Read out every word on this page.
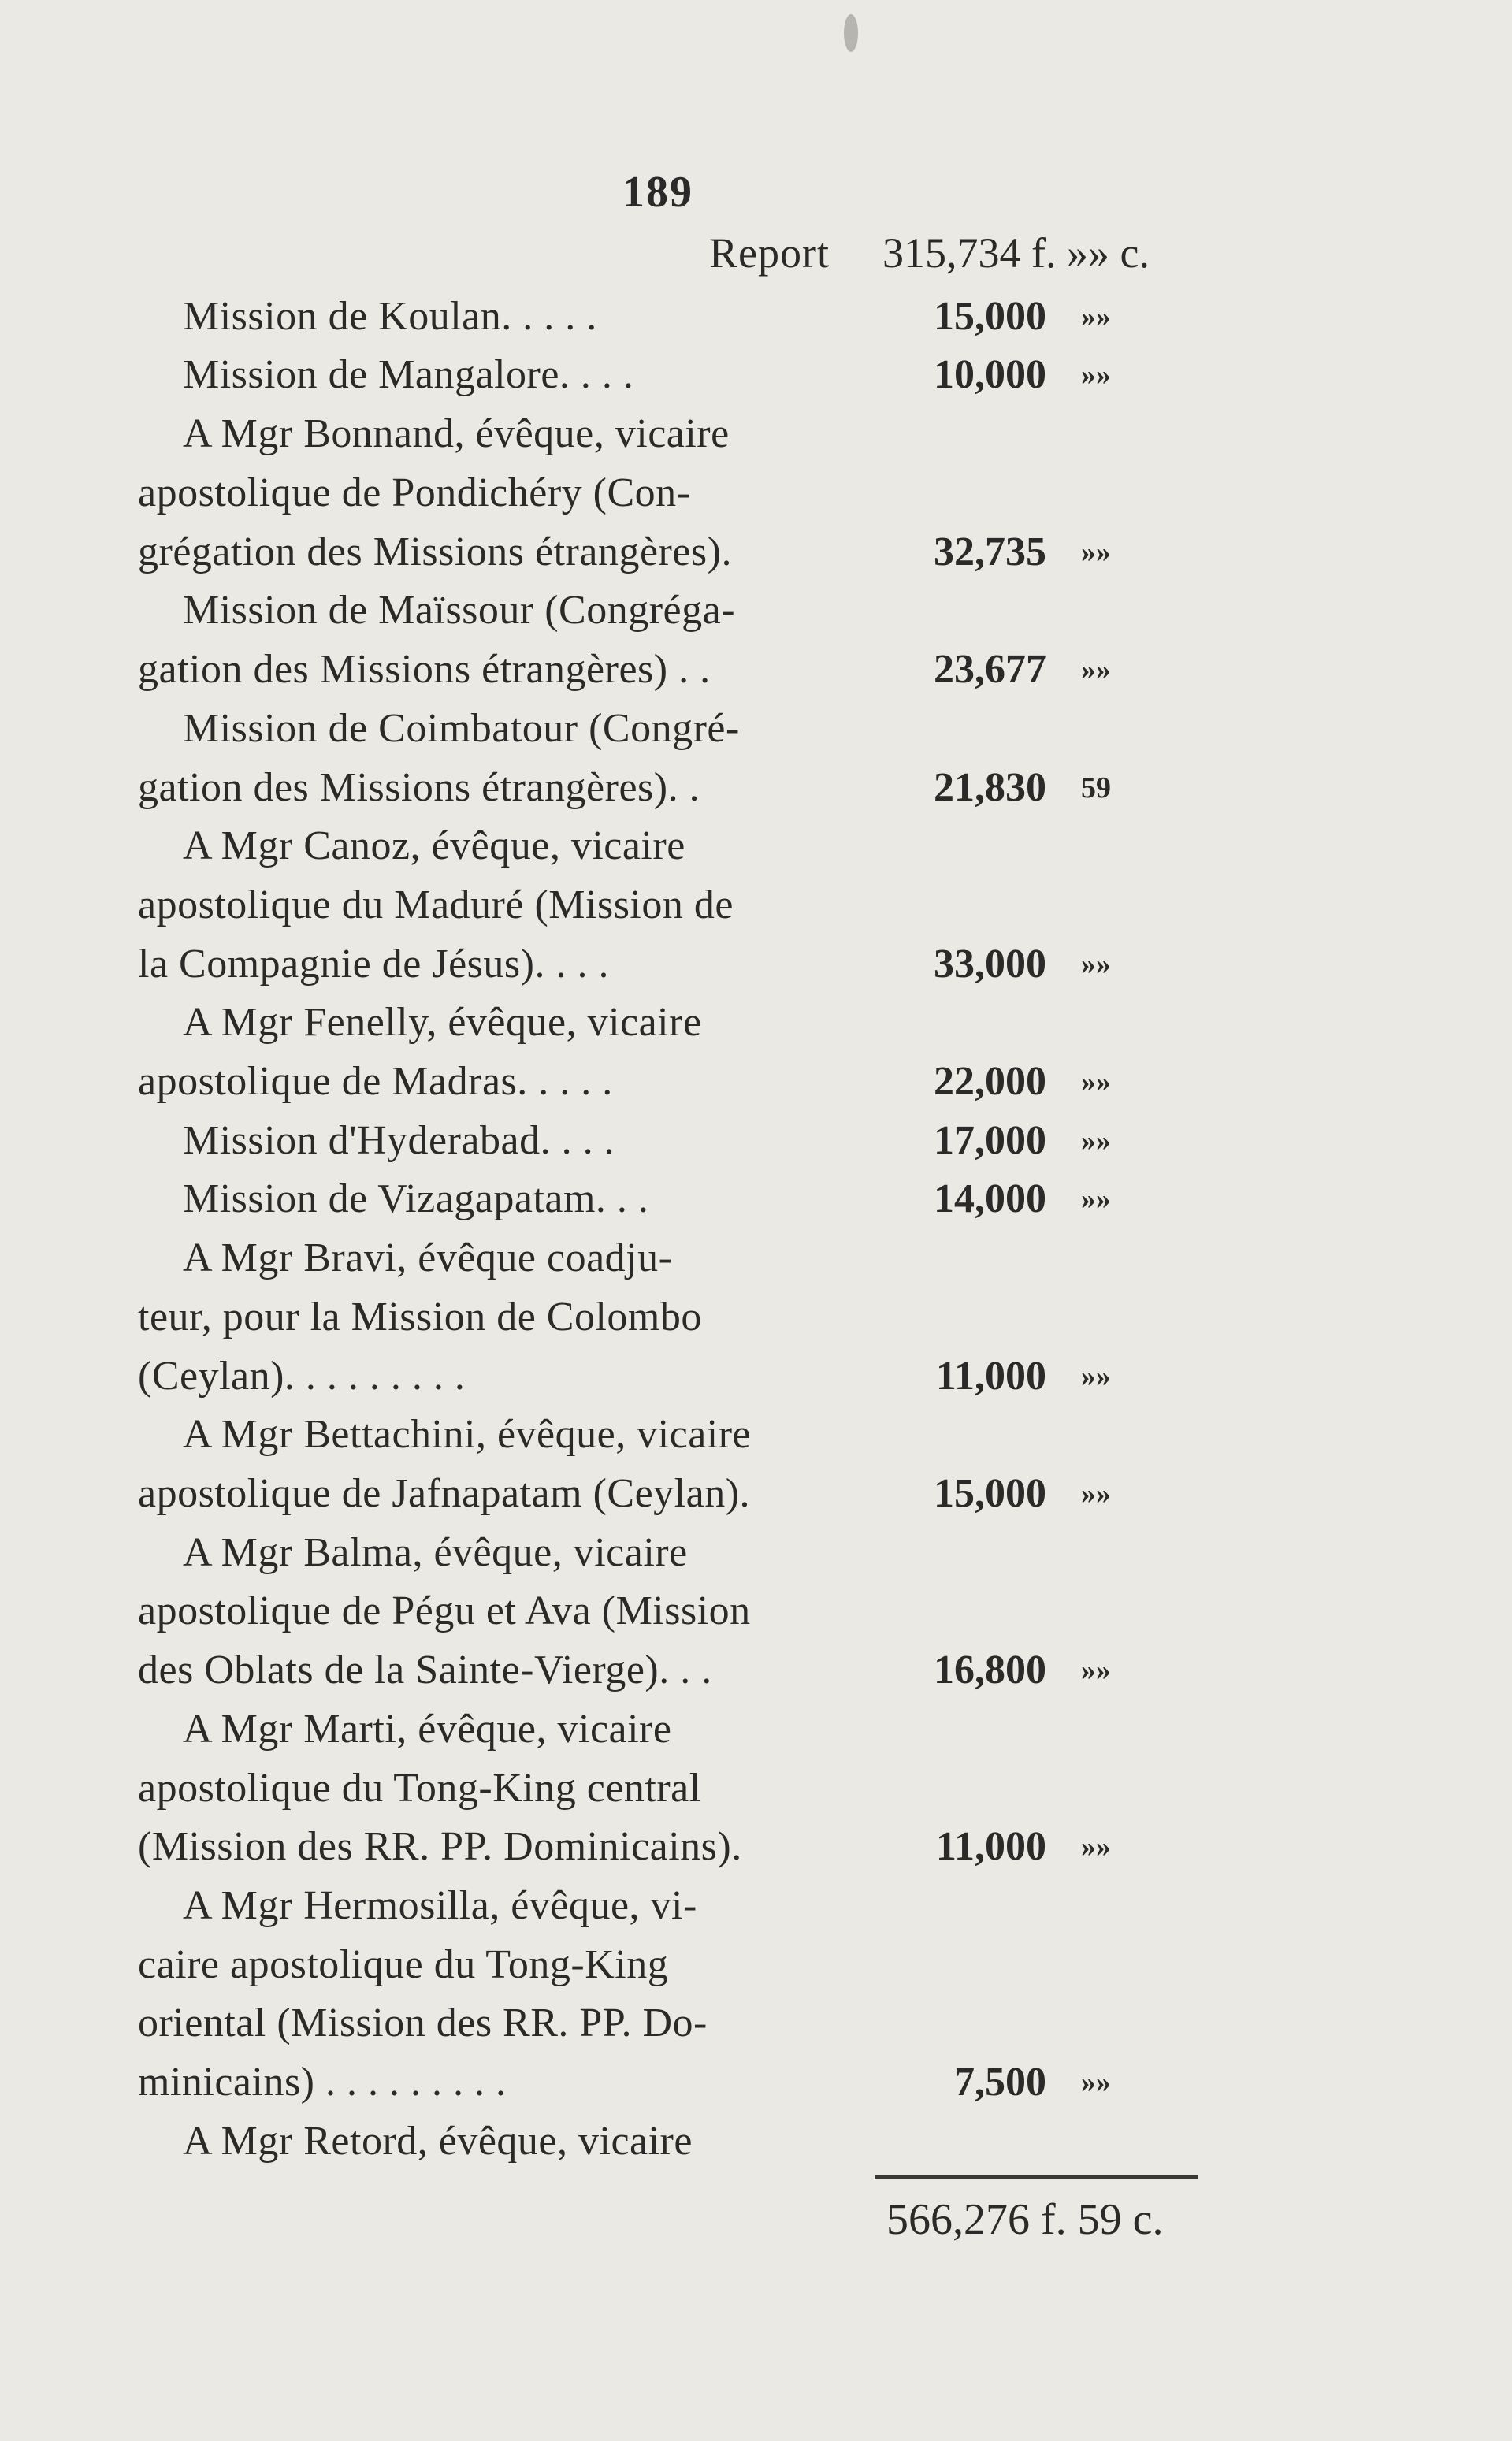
189
Report 315,734 f. »» c.
Mission de Koulan. . . . .
Mission de Mangalore. . . .
A Mgr Bonnand, évêque, vicaire
apostolique de Pondichéry (Con-
grégation des Missions étrangères).
Mission de Maïssour (Congréga-
gation des Missions étrangères) . .
Mission de Coimbatour (Congré-
gation des Missions étrangères). .
A Mgr Canoz, évêque, vicaire
apostolique du Maduré (Mission de
la Compagnie de Jésus). . . .
A Mgr Fenelly, évêque, vicaire
apostolique de Madras. . . . .
Mission d'Hyderabad. . . .
Mission de Vizagapatam. . .
A Mgr Bravi, évêque coadju-
teur, pour la Mission de Colombo
(Ceylan). . . . . . . . .
A Mgr Bettachini, évêque, vicaire
apostolique de Jafnapatam (Ceylan).
A Mgr Balma, évêque, vicaire
apostolique de Pégu et Ava (Mission
des Oblats de la Sainte-Vierge). . .
A Mgr Marti, évêque, vicaire
apostolique du Tong-King central
(Mission des RR. PP. Dominicains).
A Mgr Hermosilla, évêque, vi-
caire apostolique du Tong-King
oriental (Mission des RR. PP. Do-
minicains) . . . . . . . . .
A Mgr Retord, évêque, vicaire
15,000 »»
10,000 »»
32,735 »»
23,677 »»
21,830 59
33,000 »»
22,000 »»
17,000 »»
14,000 »»
11,000 »»
15,000 »»
16,800 »»
11,000 »»
7,500 »»
566,276 f. 59 c.
